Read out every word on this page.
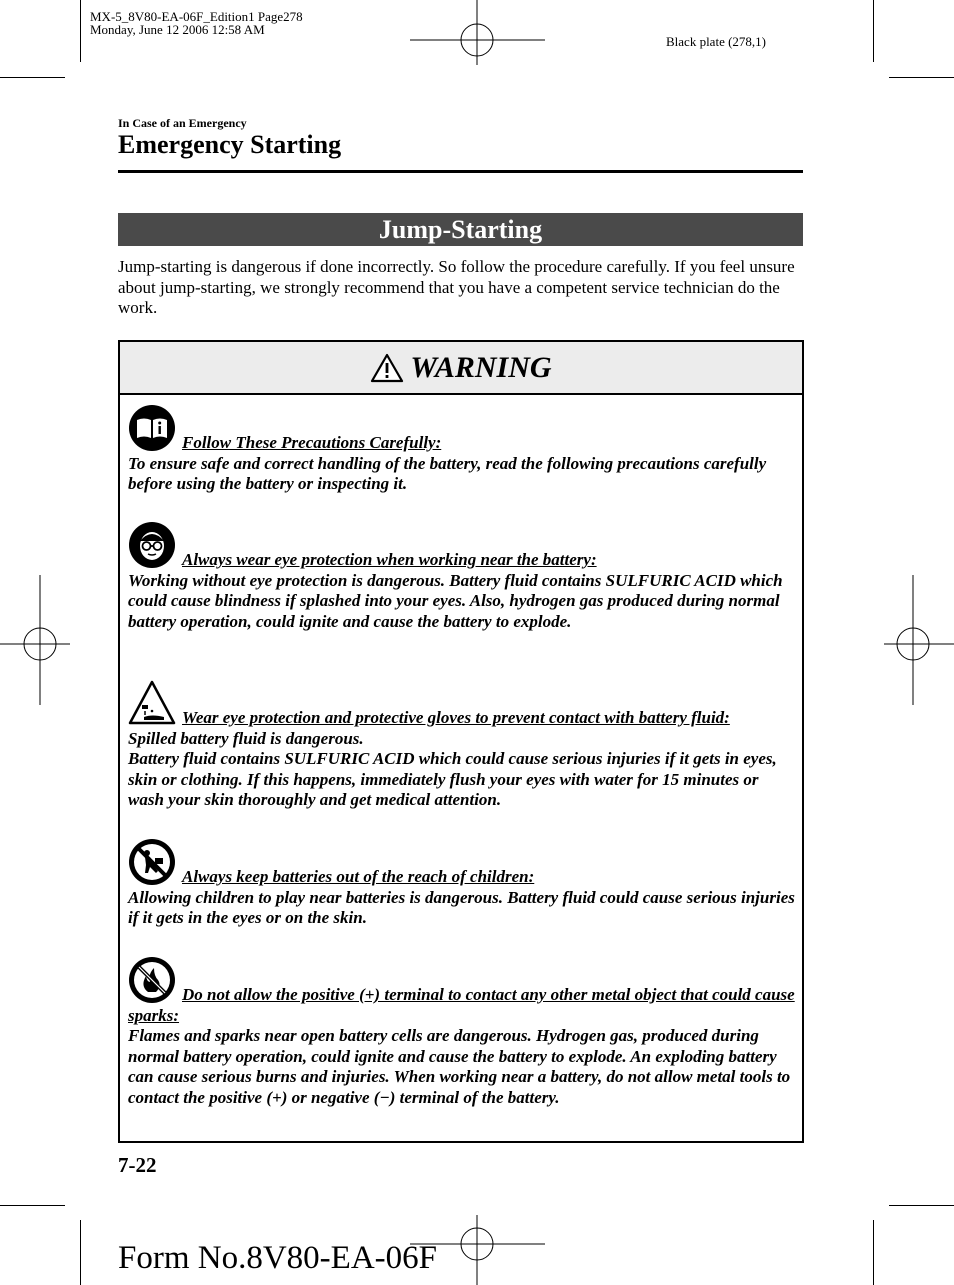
MX-5_8V80-EA-06F_Edition1 Page278
Monday, June 12 2006 12:58 AM
Black plate (278,1)
In Case of an Emergency
Emergency Starting
Jump-Starting
Jump-starting is dangerous if done incorrectly. So follow the procedure carefully. If you feel unsure about jump-starting, we strongly recommend that you have a competent service technician do the work.
WARNING
Follow These Precautions Carefully:
To ensure safe and correct handling of the battery, read the following precautions carefully before using the battery or inspecting it.
Always wear eye protection when working near the battery:
Working without eye protection is dangerous. Battery fluid contains SULFURIC ACID which could cause blindness if splashed into your eyes. Also, hydrogen gas produced during normal battery operation, could ignite and cause the battery to explode.
Wear eye protection and protective gloves to prevent contact with battery fluid:
Spilled battery fluid is dangerous.
Battery fluid contains SULFURIC ACID which could cause serious injuries if it gets in eyes, skin or clothing. If this happens, immediately flush your eyes with water for 15 minutes or wash your skin thoroughly and get medical attention.
Always keep batteries out of the reach of children:
Allowing children to play near batteries is dangerous. Battery fluid could cause serious injuries if it gets in the eyes or on the skin.
Do not allow the positive (+) terminal to contact any other metal object that could cause sparks:
Flames and sparks near open battery cells are dangerous. Hydrogen gas, produced during normal battery operation, could ignite and cause the battery to explode. An exploding battery can cause serious burns and injuries. When working near a battery, do not allow metal tools to contact the positive (+) or negative (−) terminal of the battery.
7-22
Form No.8V80-EA-06F
